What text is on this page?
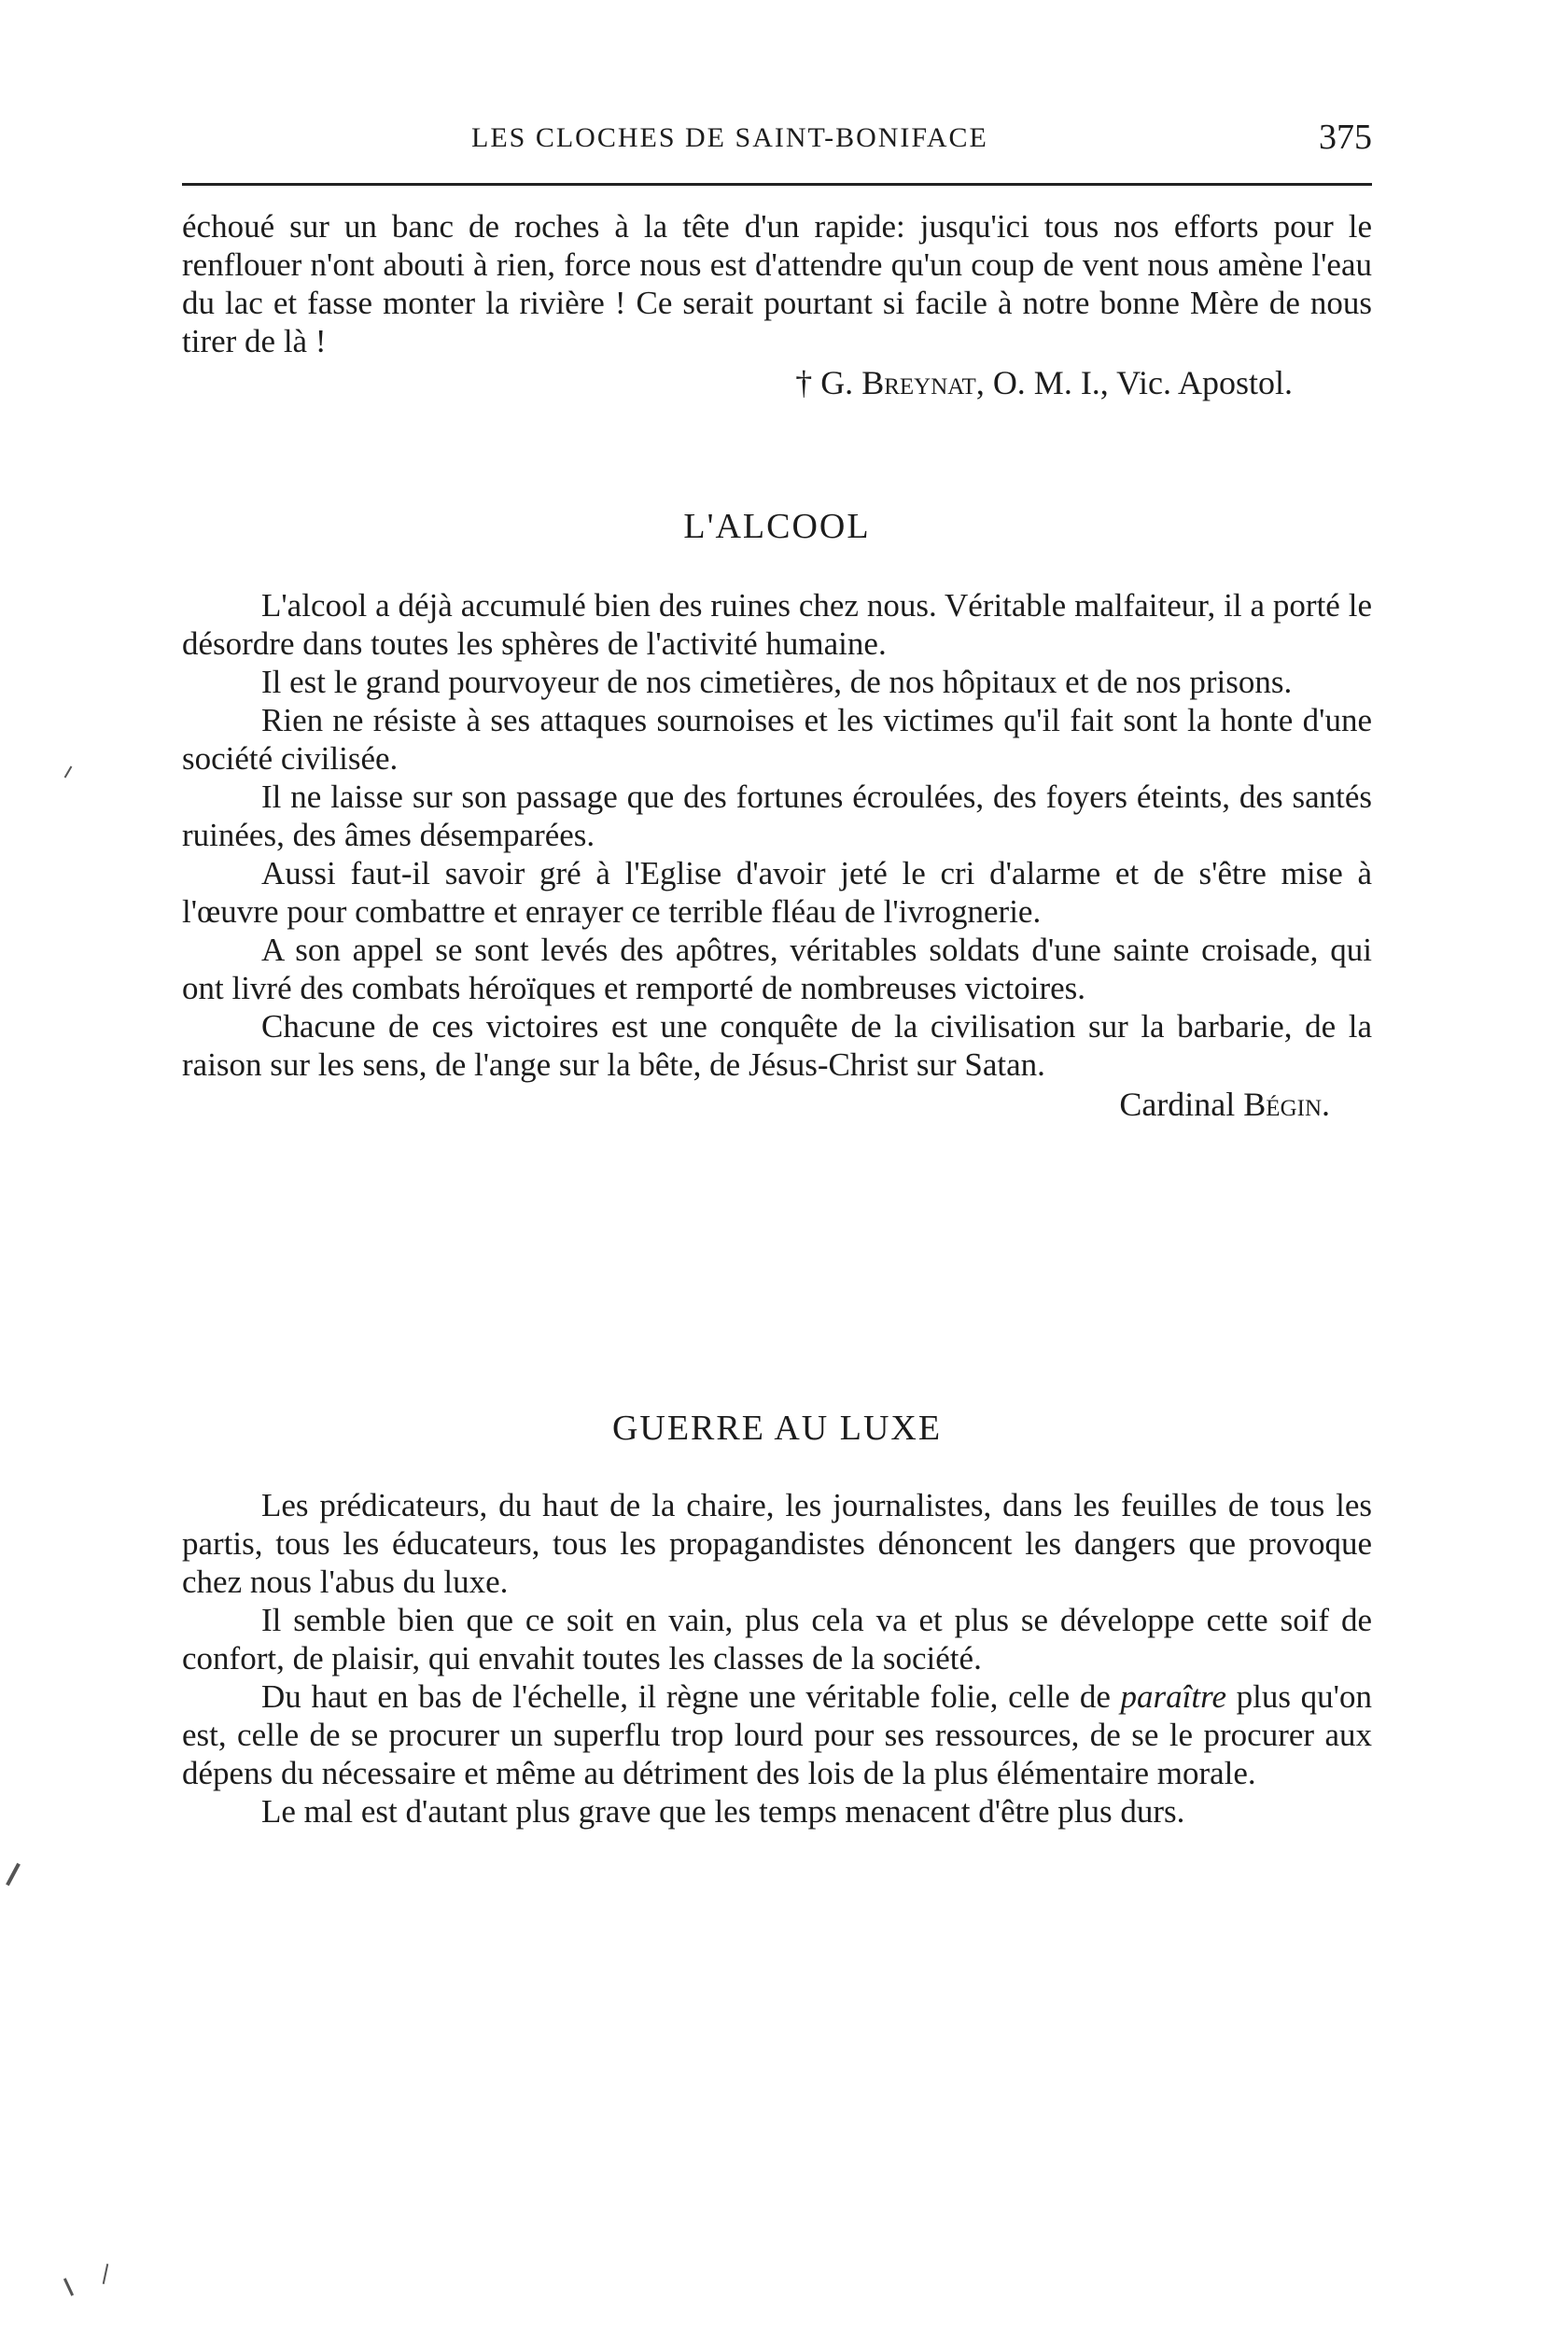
LES CLOCHES DE SAINT-BONIFACE	375

échoué sur un banc de roches à la tête d'un rapide: jusqu'ici tous nos efforts pour le renflouer n'ont abouti à rien, force nous est d'attendre qu'un coup de vent nous amène l'eau du lac et fasse monter la rivière ! Ce serait pourtant si facile à notre bonne Mère de nous tirer de là !

† G. Breynat, O. M. I., Vic. Apostol.
L'ALCOOL

L'alcool a déjà accumulé bien des ruines chez nous. Véritable malfaiteur, il a porté le désordre dans toutes les sphères de l'activité humaine.

Il est le grand pourvoyeur de nos cimetières, de nos hôpitaux et de nos prisons.

Rien ne résiste à ses attaques sournoises et les victimes qu'il fait sont la honte d'une société civilisée.

Il ne laisse sur son passage que des fortunes écroulées, des foyers éteints, des santés ruinées, des âmes désemparées.

Aussi faut-il savoir gré à l'Eglise d'avoir jeté le cri d'alarme et de s'être mise à l'œuvre pour combattre et enrayer ce terrible fléau de l'ivrognerie.

A son appel se sont levés des apôtres, véritables soldats d'une sainte croisade, qui ont livré des combats héroïques et remporté de nombreuses victoires.

Chacune de ces victoires est une conquête de la civilisation sur la barbarie, de la raison sur les sens, de l'ange sur la bête, de Jésus-Christ sur Satan.

Cardinal Bégin.
GUERRE AU LUXE

Les prédicateurs, du haut de la chaire, les journalistes, dans les feuilles de tous les partis, tous les éducateurs, tous les propagandistes dénoncent les dangers que provoque chez nous l'abus du luxe.

Il semble bien que ce soit en vain, plus cela va et plus se développe cette soif de confort, de plaisir, qui envahit toutes les classes de la société.

Du haut en bas de l'échelle, il règne une véritable folie, celle de paraître plus qu'on est, celle de se procurer un superflu trop lourd pour ses ressources, de se le procurer aux dépens du nécessaire et même au détriment des lois de la plus élémentaire morale.

Le mal est d'autant plus grave que les temps menacent d'être plus durs.
